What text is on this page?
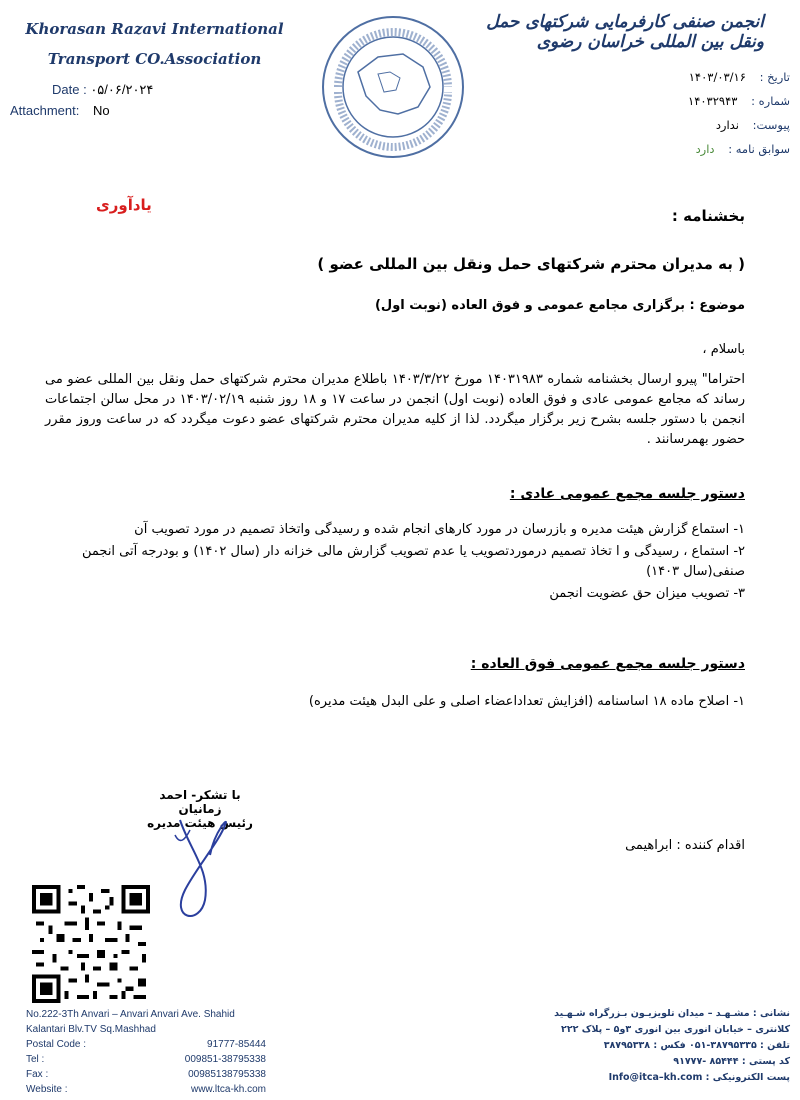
Khorasan Razavi International
Transport CO.Association
Date : ۰۵/۰۶/۲۰۲۴
Attachment: No
انجمن صنفی کارفرمایی شرکتهای حمل ونقل بین المللی خراسان رضوی
تاریخ : ۱۴۰۳/۰۳/۱۶
شماره : ۱۴۰۳۲۹۴۳
پیوست: ندارد
سوابق نامه : دارد
یادآوری
بخشنامه :
( به مدیران محترم شرکتهای حمل ونقل بین المللی عضو )
موضوع : برگزاری مجامع عمومی و فوق العاده (نوبت اول)
باسلام ،
احتراما" پیرو ارسال بخشنامه شماره ۱۴۰۳۱۹۸۳ مورخ ۱۴۰۳/۳/۲۲ باطلاع مدیران محترم شرکتهای حمل ونقل بین المللی عضو می رساند که مجامع عمومی عادی و فوق العاده (نوبت اول) انجمن در ساعت ۱۷ و ۱۸ روز شنبه ۱۴۰۳/۰۲/۱۹ در محل سالن اجتماعات انجمن با دستور جلسه بشرح زیر برگزار میگردد. لذا از کلیه مدیران محترم شرکتهای عضو دعوت میگردد که در ساعت وروز مقرر حضور بهمرسانند .
دستور جلسه مجمع عمومی عادی :
۱- استماع گزارش هیئت مدیره و بازرسان در مورد کارهای انجام شده و رسیدگی واتخاذ تصمیم در مورد تصویب آن
۲- استماع ، رسیدگی و ا تخاذ تصمیم درموردتصویب یا عدم تصویب گزارش مالی خزانه دار (سال ۱۴۰۲) و بودرجه آتی انجمن صنفی(سال ۱۴۰۳)
۳- تصویب میزان حق عضویت انجمن
دستور جلسه مجمع عمومی فوق العاده :
۱- اصلاح ماده ۱۸ اساسنامه (افزایش تعداداعضاء اصلی و علی البدل هیئت مدیره)
اقدام کننده : ابراهیمی
با تشکر- احمد زمانیان
رئیس هیئت مدیره
No.222-3Th Anvari – Anvari Anvari Ave. Shahid
Kalantari Blv.TV Sq.Mashhad
Postal Code :	91777-85444
Tel :	009851-38795338
Fax :	00985138795338
Website :	www.ltca-kh.com
نشانی : مشـهـد – میدان تلویزیـون بـزرگراه شـهـید
کلانتری – خیابان انوری بین انوری ۳و۵ – پلاک ۲۲۲
تلفن : ۳۸۷۹۵۳۳۵-۰۵۱ فکس : ۳۸۷۹۵۳۳۸
کد پستی : ۸۵۴۴۴ -۹۱۷۷۷
پست الکترونیکی : Info@itca–kh.com
